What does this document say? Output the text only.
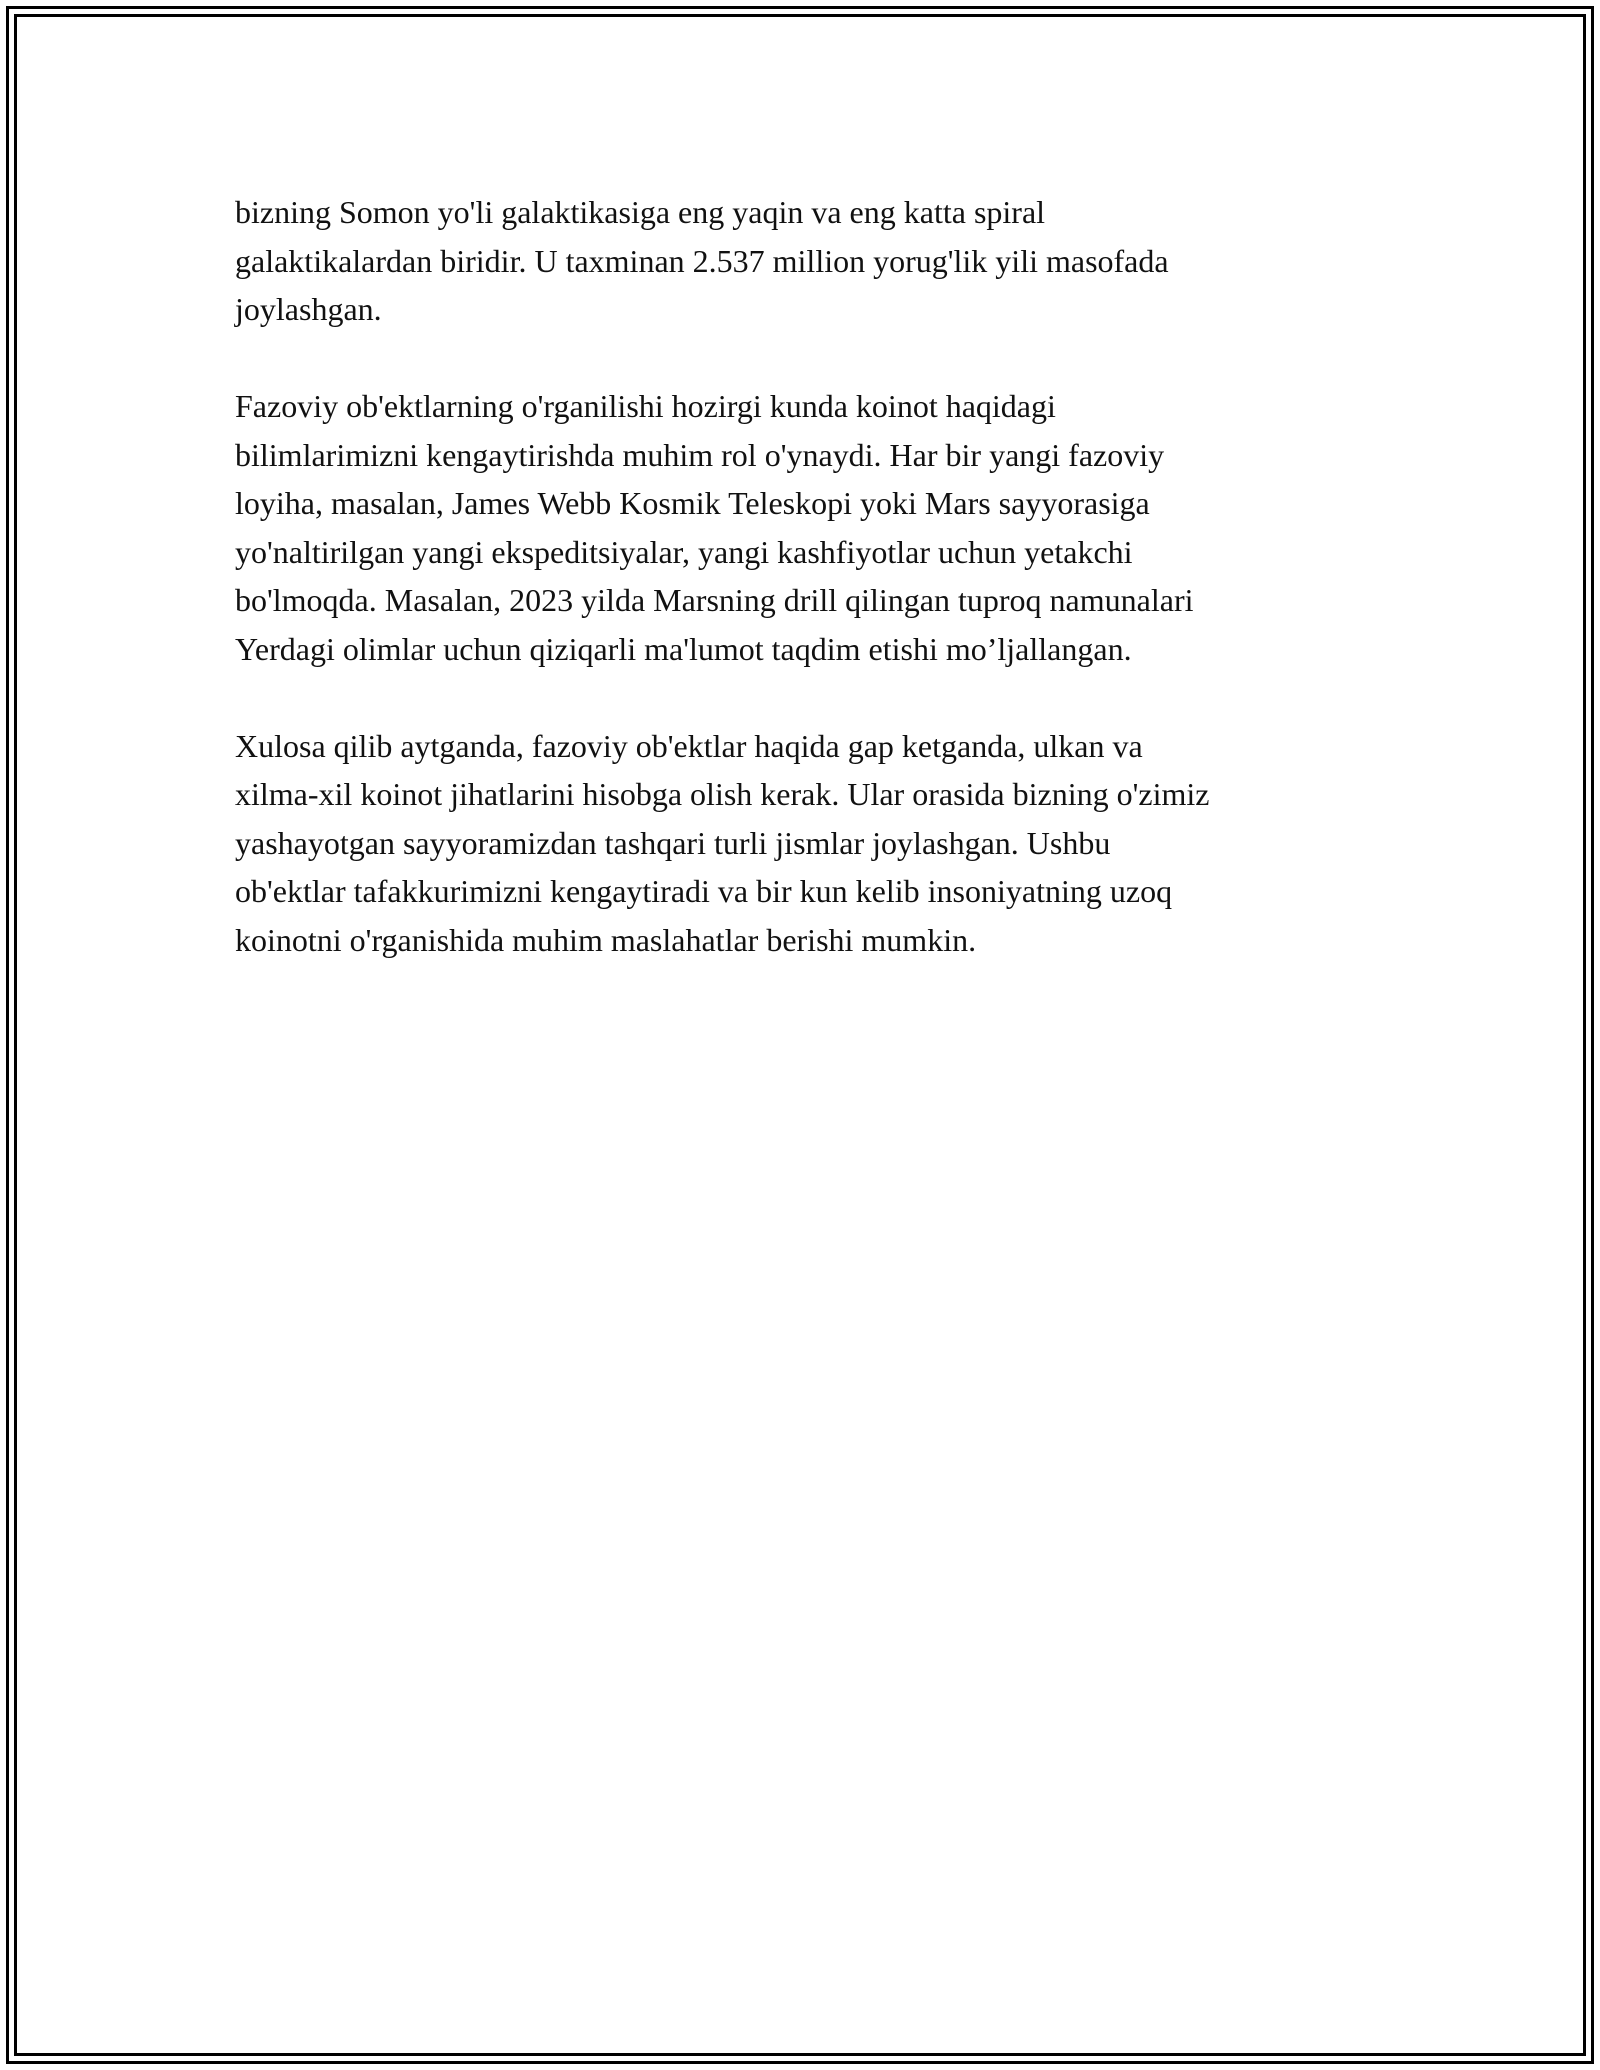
bizning Somon yo'li galaktikasiga eng yaqin va eng katta spiral
galaktikalardan biridir. U taxminan 2.537 million yorug'lik yili masofada
joylashgan.

Fazoviy ob'ektlarning o'rganilishi hozirgi kunda koinot haqidagi
bilimlarimizni kengaytirishda muhim rol o'ynaydi. Har bir yangi fazoviy
loyiha, masalan, James Webb Kosmik Teleskopi yoki Mars sayyorasiga
yo'naltirilgan yangi ekspeditsiyalar, yangi kashfiyotlar uchun yetakchi
bo'lmoqda. Masalan, 2023 yilda Marsning drill qilingan tuproq namunalari
Yerdagi olimlar uchun qiziqarli ma'lumot taqdim etishi mo’ljallangan.

Xulosa qilib aytganda, fazoviy ob'ektlar haqida gap ketganda, ulkan va
xilma-xil koinot jihatlarini hisobga olish kerak. Ular orasida bizning o'zimiz
yashayotgan sayyoramizdan tashqari turli jismlar joylashgan. Ushbu
ob'ektlar tafakkurimizni kengaytiradi va bir kun kelib insoniyatning uzoq
koinotni o'rganishida muhim maslahatlar berishi mumkin.
